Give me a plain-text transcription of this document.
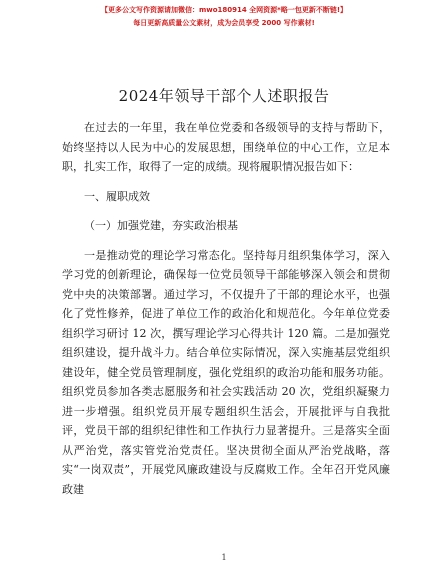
【更多公文写作资源请加微信：mwo180914 全网资源*略一包更新不断链!】
每日更新高质量公文素材，成为会员享受 2000 写作素材!
2024年领导干部个人述职报告

在过去的一年里，我在单位党委和各级领导的支持与帮助下，始终坚持以人民为中心的发展思想，围绕单位的中心工作，立足本职，扎实工作，取得了一定的成绩。现将履职情况报告如下：

一、履职成效

（一）加强党建，夯实政治根基

一是推动党的理论学习常态化。坚持每月组织集体学习，深入学习党的创新理论，确保每一位党员领导干部能够深入领会和贯彻党中央的决策部署。通过学习，不仅提升了干部的理论水平，也强化了党性修养，促进了单位工作的政治化和规范化。今年单位党委组织学习研讨 12 次，撰写理论学习心得共计 120 篇。二是加强党组织建设，提升战斗力。结合单位实际情况，深入实施基层党组织建设年，健全党员管理制度，强化党组织的政治功能和服务功能。组织党员参加各类志愿服务和社会实践活动 20 次，党组织凝聚力进一步增强。组织党员开展专题组织生活会，开展批评与自我批评，党员干部的组织纪律性和工作执行力显著提升。三是落实全面从严治党，落实管党治党责任。坚决贯彻全面从严治党战略，落实“一岗双责”，开展党风廉政建设与反腐败工作。全年召开党风廉政建

1
